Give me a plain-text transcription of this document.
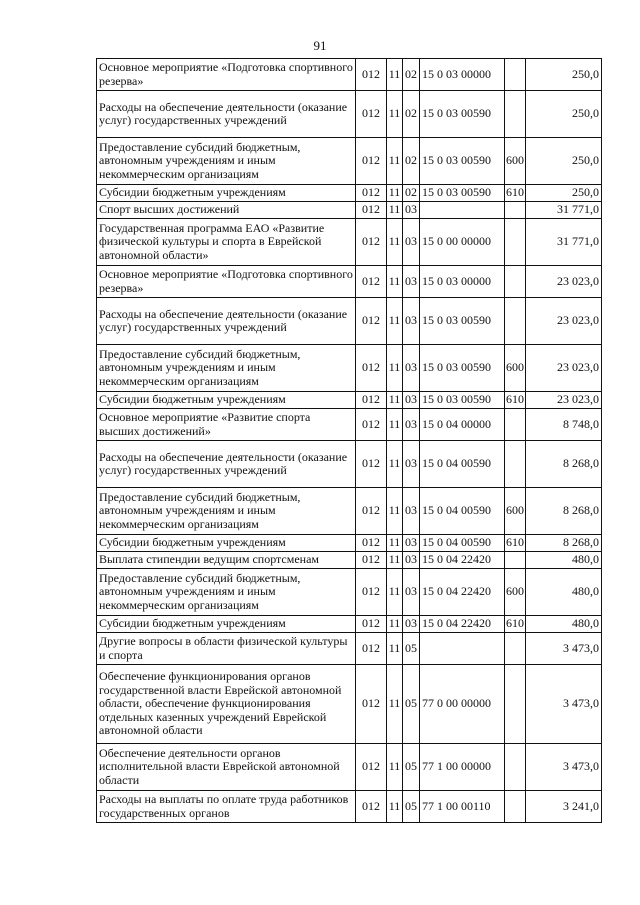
91
Основное мероприятие «Подготовка спортивного резерва»	012	11	02	15 0 03 00000		250,0
Расходы на обеспечение деятельности (оказание услуг) государственных учреждений	012	11	02	15 0 03 00590		250,0
Предоставление субсидий бюджетным, автономным учреждениям и иным некоммерческим организациям	012	11	02	15 0 03 00590	600	250,0
Субсидии бюджетным учреждениям	012	11	02	15 0 03 00590	610	250,0
Спорт высших достижений	012	11	03			31 771,0
Государственная программа ЕАО «Развитие физической культуры и спорта в Еврейской автономной области»	012	11	03	15 0 00 00000		31 771,0
Основное мероприятие «Подготовка спортивного резерва»	012	11	03	15 0 03 00000		23 023,0
Расходы на обеспечение деятельности (оказание услуг) государственных учреждений	012	11	03	15 0 03 00590		23 023,0
Предоставление субсидий бюджетным, автономным учреждениям и иным некоммерческим организациям	012	11	03	15 0 03 00590	600	23 023,0
Субсидии бюджетным учреждениям	012	11	03	15 0 03 00590	610	23 023,0
Основное мероприятие «Развитие спорта высших достижений»	012	11	03	15 0 04 00000		8 748,0
Расходы на обеспечение деятельности (оказание услуг) государственных учреждений	012	11	03	15 0 04 00590		8 268,0
Предоставление субсидий бюджетным, автономным учреждениям и иным некоммерческим организациям	012	11	03	15 0 04 00590	600	8 268,0
Субсидии бюджетным учреждениям	012	11	03	15 0 04 00590	610	8 268,0
Выплата стипендии ведущим спортсменам	012	11	03	15 0 04 22420		480,0
Предоставление субсидий бюджетным, автономным учреждениям и иным некоммерческим организациям	012	11	03	15 0 04 22420	600	480,0
Субсидии бюджетным учреждениям	012	11	03	15 0 04 22420	610	480,0
Другие вопросы в области физической культуры и спорта	012	11	05			3 473,0
Обеспечение функционирования органов государственной власти Еврейской автономной области, обеспечение функционирования отдельных казенных учреждений Еврейской автономной области	012	11	05	77 0 00 00000		3 473,0
Обеспечение деятельности органов исполнительной власти Еврейской автономной области	012	11	05	77 1 00 00000		3 473,0
Расходы на выплаты по оплате труда работников государственных органов	012	11	05	77 1 00 00110		3 241,0
